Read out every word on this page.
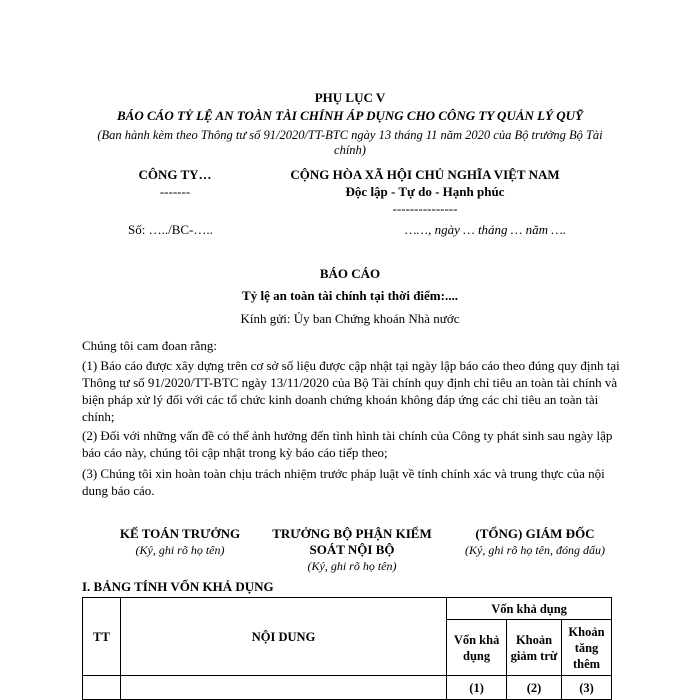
PHỤ LỤC V
BÁO CÁO TỶ LỆ AN TOÀN TÀI CHÍNH ÁP DỤNG CHO CÔNG TY QUẢN LÝ QUỸ
(Ban hành kèm theo Thông tư số 91/2020/TT-BTC ngày 13 tháng 11 năm 2020 của Bộ trưởng Bộ Tài chính)
CÔNG TY…
-------
CỘNG HÒA XÃ HỘI CHỦ NGHĨA VIỆT NAM
Độc lập - Tự do - Hạnh phúc
---------------
Số: …../BC-…..	……, ngày … tháng … năm ….
BÁO CÁO
Tỷ lệ an toàn tài chính tại thời điểm:....
Kính gửi: Ủy ban Chứng khoán Nhà nước
Chúng tôi cam đoan rằng:
(1) Báo cáo được xây dựng trên cơ sở số liệu được cập nhật tại ngày lập báo cáo theo đúng quy định tại Thông tư số 91/2020/TT-BTC ngày 13/11/2020 của Bộ Tài chính quy định chỉ tiêu an toàn tài chính và biện pháp xử lý đối với các tổ chức kinh doanh chứng khoán không đáp ứng các chỉ tiêu an toàn tài chính;
(2) Đối với những vấn đề có thể ảnh hưởng đến tình hình tài chính của Công ty phát sinh sau ngày lập báo cáo này, chúng tôi cập nhật trong kỳ báo cáo tiếp theo;
(3) Chúng tôi xin hoàn toàn chịu trách nhiệm trước pháp luật về tính chính xác và trung thực của nội dung báo cáo.
KẾ TOÁN TRƯỞNG
(Ký, ghi rõ họ tên)
TRƯỞNG BỘ PHẬN KIỂM SOÁT NỘI BỘ
(Ký, ghi rõ họ tên)
(TỔNG) GIÁM ĐỐC
(Ký, ghi rõ họ tên, đóng dấu)
I. BẢNG TÍNH VỐN KHẢ DỤNG
TT	NỘI DUNG	Vốn khả dụng		
		Vốn khả dụng	Khoản giảm trừ	Khoản tăng thêm
		(1)	(2)	(3)
